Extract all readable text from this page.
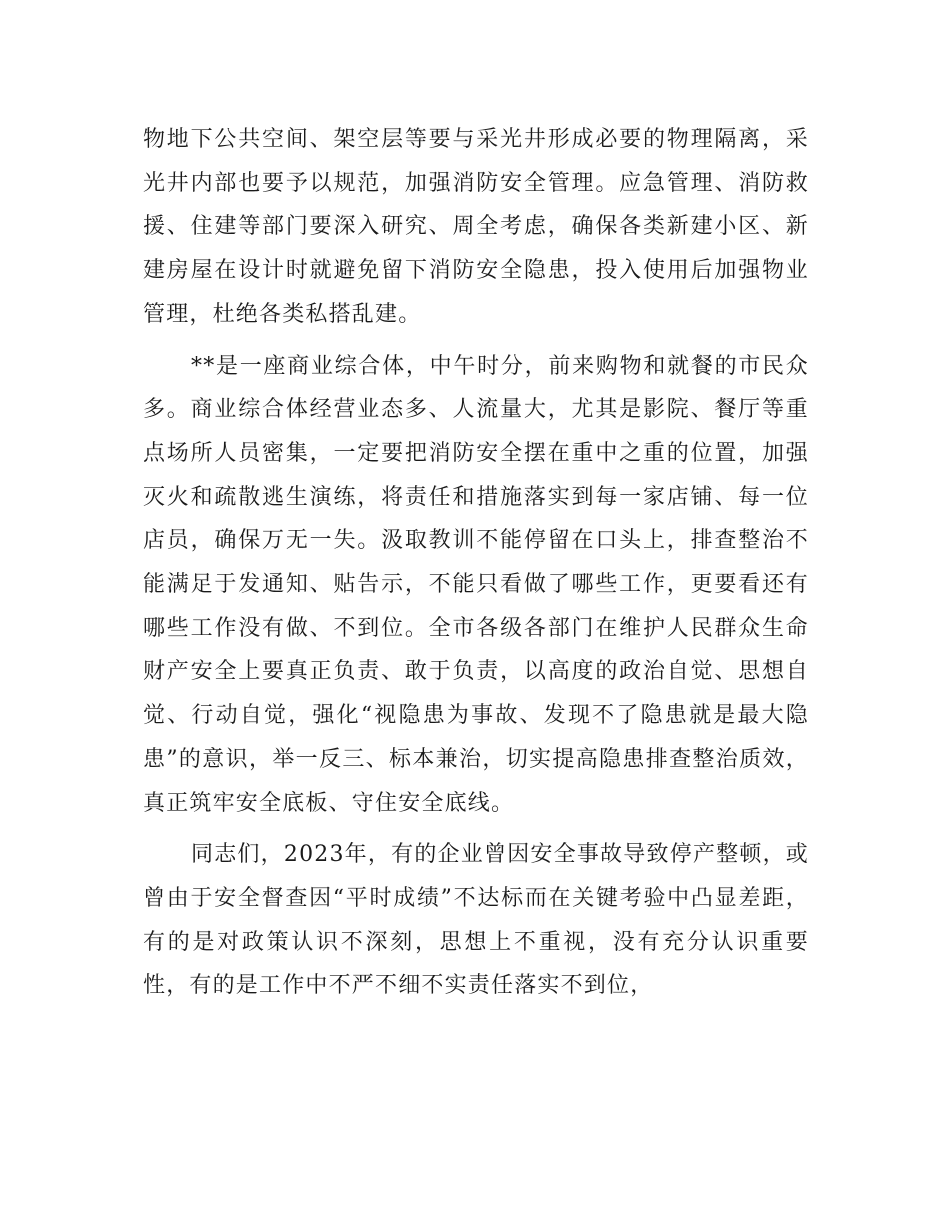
物地下公共空间、架空层等要与采光井形成必要的物理隔离，采光井内部也要予以规范，加强消防安全管理。应急管理、消防救援、住建等部门要深入研究、周全考虑，确保各类新建小区、新建房屋在设计时就避免留下消防安全隐患，投入使用后加强物业管理，杜绝各类私搭乱建。

**是一座商业综合体，中午时分，前来购物和就餐的市民众多。商业综合体经营业态多、人流量大，尤其是影院、餐厅等重点场所人员密集，一定要把消防安全摆在重中之重的位置，加强灭火和疏散逃生演练，将责任和措施落实到每一家店铺、每一位店员，确保万无一失。汲取教训不能停留在口头上，排查整治不能满足于发通知、贴告示，不能只看做了哪些工作，更要看还有哪些工作没有做、不到位。全市各级各部门在维护人民群众生命财产安全上要真正负责、敢于负责，以高度的政治自觉、思想自觉、行动自觉，强化“视隐患为事故、发现不了隐患就是最大隐患”的意识，举一反三、标本兼治，切实提高隐患排查整治质效，真正筑牢安全底板、守住安全底线。

同志们，2023年，有的企业曾因安全事故导致停产整顿，或曾由于安全督查因“平时成绩”不达标而在关键考验中凸显差距，有的是对政策认识不深刻，思想上不重视，没有充分认识重要性，有的是工作中不严不细不实责任落实不到位，
